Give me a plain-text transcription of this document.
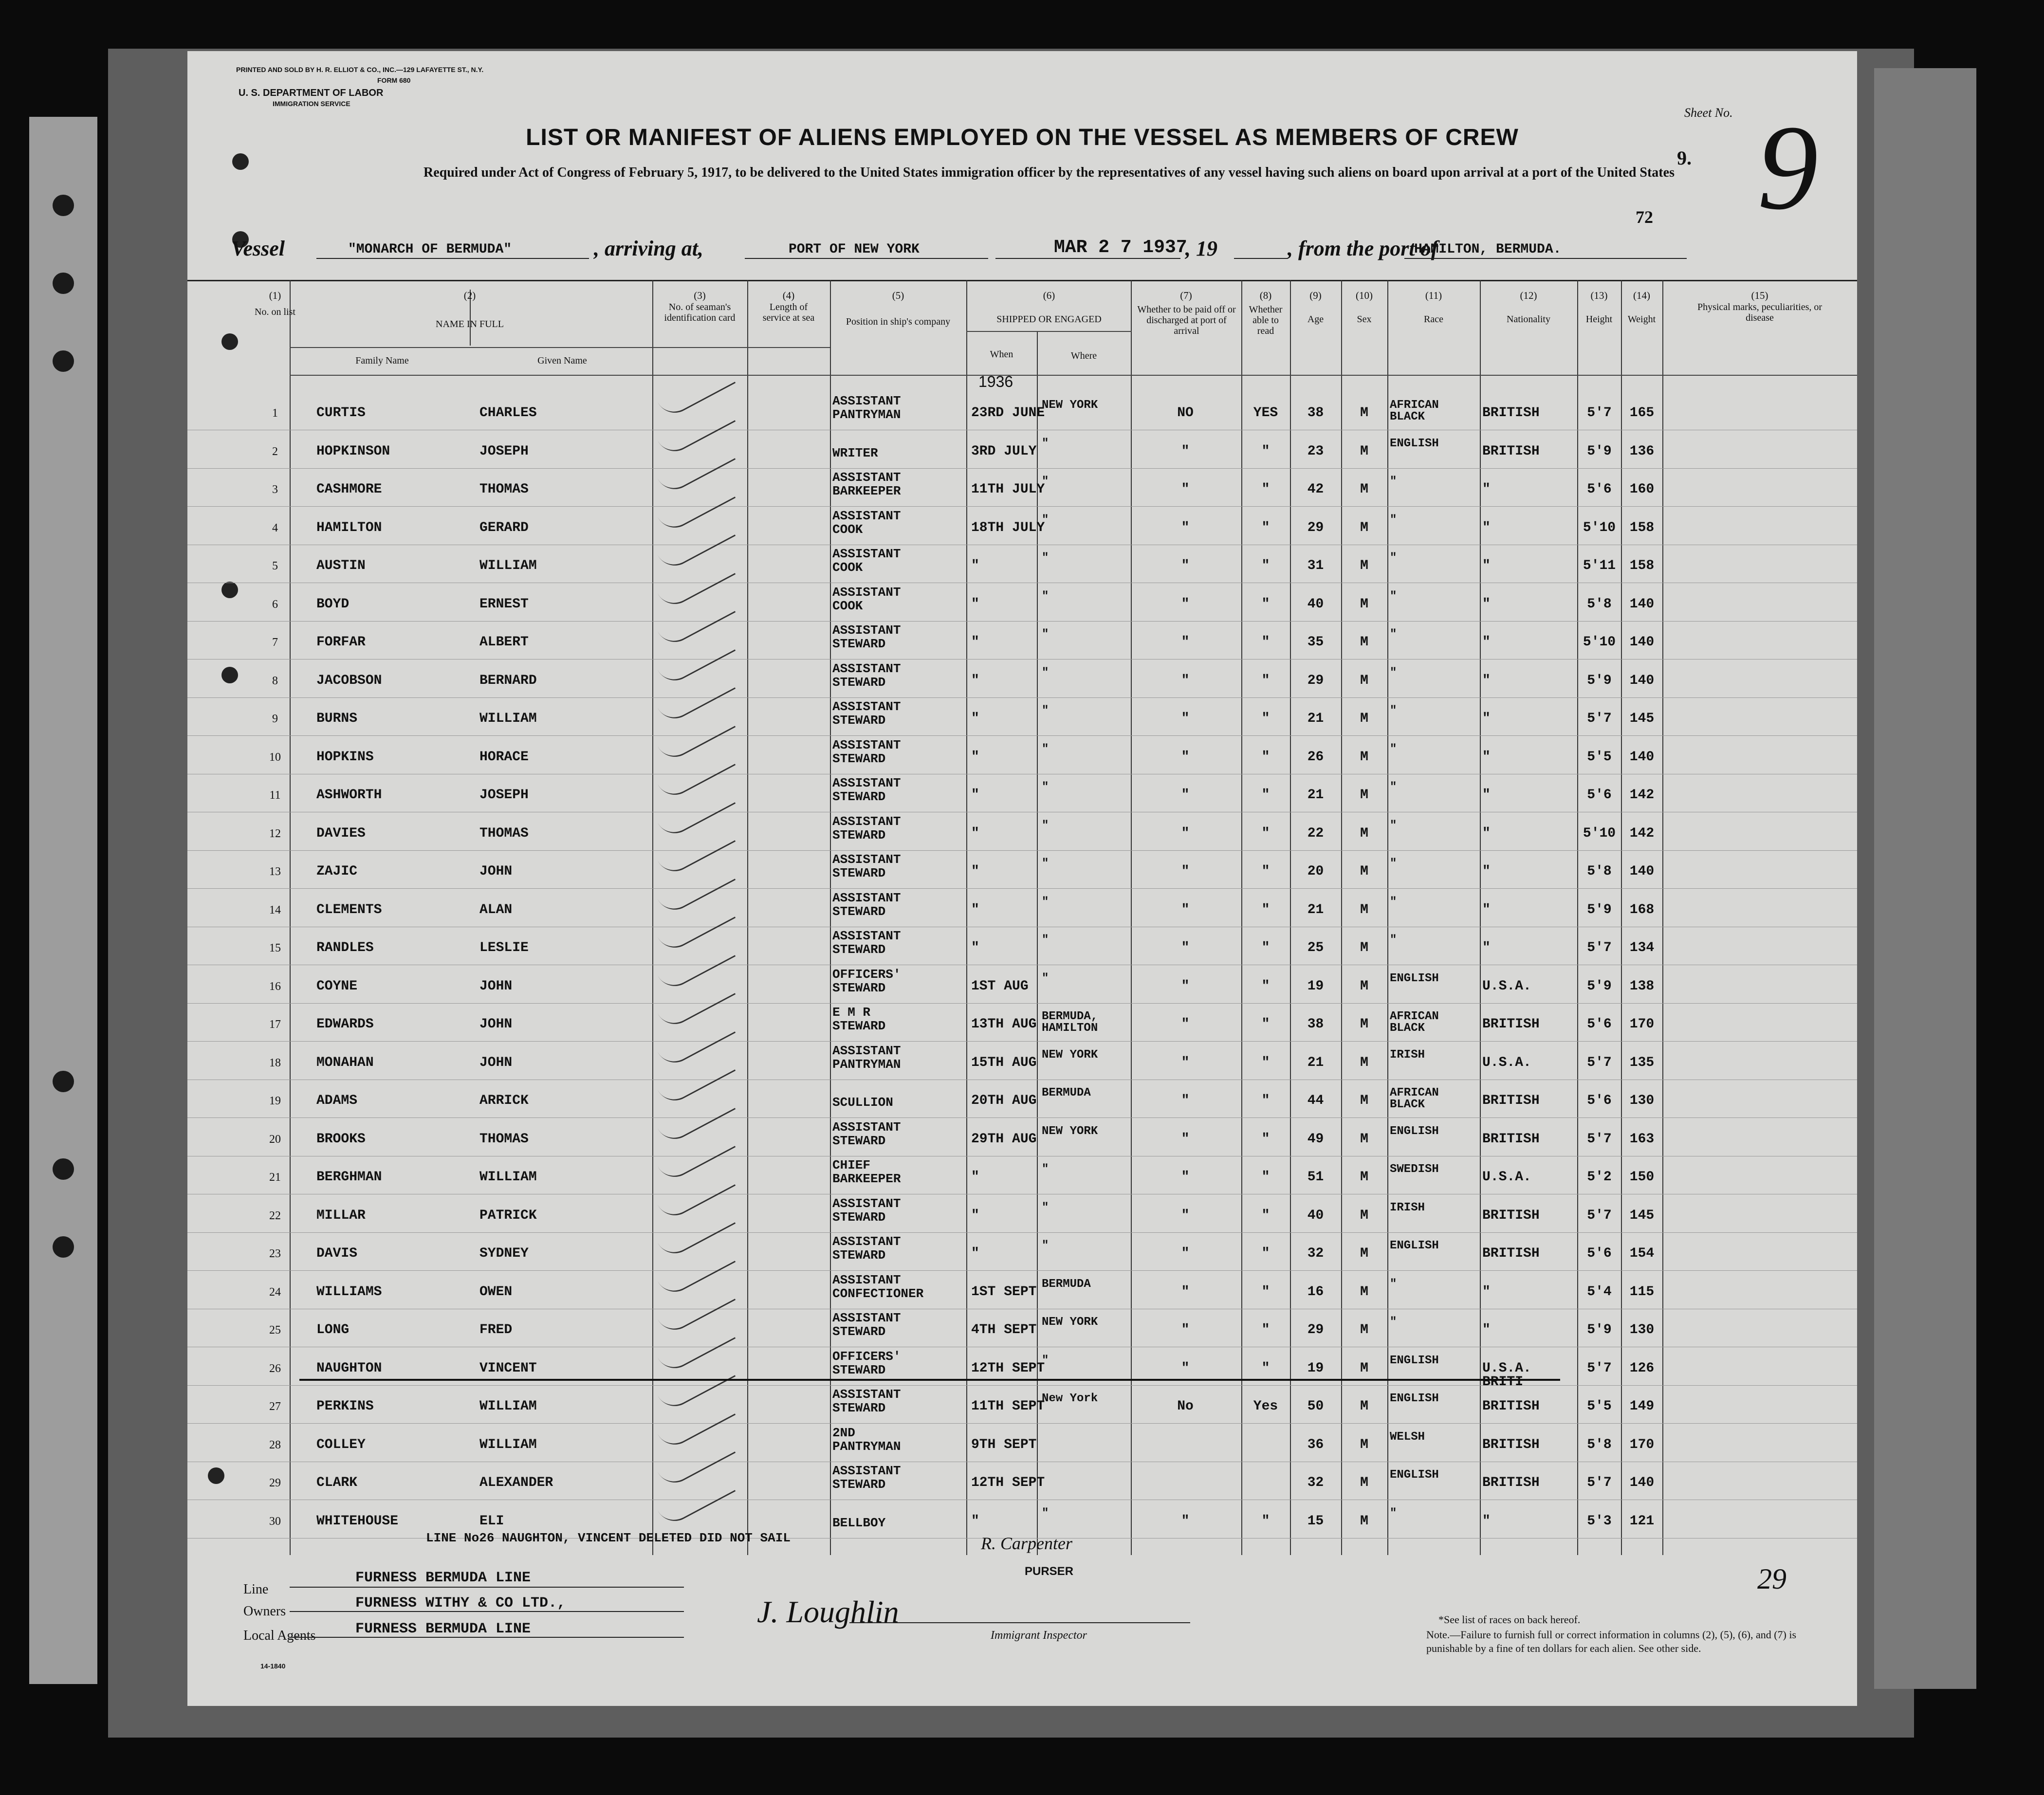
PRINTED AND SOLD BY H. R. ELLIOT & CO., INC.—129 LAFAYETTE ST., N.Y.
FORM 680
U. S. DEPARTMENT OF LABOR
IMMIGRATION SERVICE
LIST OR MANIFEST OF ALIENS EMPLOYED ON THE VESSEL AS MEMBERS OF CREW
Required under Act of Congress of February 5, 1917, to be delivered to the United States immigration officer by the representatives of any vessel having such aliens on board upon arrival at a port of the United States
Sheet No.
9. 9
72
Vessel	"MONARCH OF BERMUDA"	, arriving at,	PORT OF NEW YORK	MAR 2 7 1937
, 19	, from the port of
HAMILTON, BERMUDA.
(1)
No. on list
(2)
NAME IN FULL
Family Name	Given Name
(3)
No. of seaman's identification card
(4)
Length of service at sea
(5)
Position in ship's company
(6)
SHIPPED OR ENGAGED
When	Where
(7)
Whether to be paid off or discharged at port of arrival
(8)
Whether able to read
(9)
Age
(10)
Sex
(11)
Race
(12)
Nationality
(13)
Height
(14)
Weight
(15)
Physical marks, peculiarities, or disease
1936
1	CURTIS	CHARLES	23RD JUNE
NEW YORK
NO	YES	38	M
AFRICAN BLACK	BRITISH	5'7	165
ASSISTANT
PANTRYMAN
2	HOPKINSON	JOSEPH	3RD JULY
"
"	"	23	M
ENGLISH
BRITISH	5'9	136
WRITER
3	CASHMORE	THOMAS	11TH JULY
"
"	"	42	M
"
"	5'6	160
ASSISTANT
BARKEEPER
4	HAMILTON	GERARD	18TH JULY
"
"	"	29	M
"
"	5'10	158
ASSISTANT
COOK
5	AUSTIN	WILLIAM	"
"
"	"	31	M
"
"	5'11	158
ASSISTANT
COOK
6	BOYD	ERNEST	"
"
"	"	40	M
"
"	5'8	140
ASSISTANT
COOK
7	FORFAR	ALBERT	"
"
"	"	35	M
"
"	5'10	140
ASSISTANT
STEWARD
8	JACOBSON	BERNARD	"
"
"	"	29	M
"
"	5'9	140
ASSISTANT
STEWARD
9	BURNS	WILLIAM	"
"
"	"	21	M
"
"	5'7	145
ASSISTANT
STEWARD
10	HOPKINS	HORACE	"
"
"	"	26	M
"
"	5'5	140
ASSISTANT
STEWARD
11	ASHWORTH	JOSEPH	"
"
"	"	21	M
"
"	5'6	142
ASSISTANT
STEWARD
12	DAVIES	THOMAS	"
"
"	"	22	M
"
"	5'10	142
ASSISTANT
STEWARD
13	ZAJIC	JOHN	"
"
"	"	20	M
"
"	5'8	140
ASSISTANT
STEWARD
14	CLEMENTS	ALAN	"
"
"	"	21	M
"
"	5'9	168
ASSISTANT
STEWARD
15	RANDLES	LESLIE	"
"
"	"	25	M
"
"	5'7	134
ASSISTANT
STEWARD
16	COYNE	JOHN	1ST AUG
"
"	"	19	M
ENGLISH
U.S.A.	5'9	138
OFFICERS'
STEWARD
17	EDWARDS	JOHN	13TH AUG
BERMUDA, HAMILTON	"	"	38	M
AFRICAN BLACK	BRITISH	5'6	170
E M R
STEWARD
18	MONAHAN	JOHN	15TH AUG
NEW YORK
"	"	21	M
IRISH
U.S.A.	5'7	135
ASSISTANT
PANTRYMAN
19	ADAMS	ARRICK	20TH AUG
BERMUDA
"	"	44	M
AFRICAN BLACK	BRITISH	5'6	130
SCULLION
20	BROOKS	THOMAS	29TH AUG
NEW YORK
"	"	49	M
ENGLISH
BRITISH	5'7	163
ASSISTANT
STEWARD
21	BERGHMAN	WILLIAM	"
"
"	"	51	M
SWEDISH
U.S.A.	5'2	150
CHIEF
BARKEEPER
22	MILLAR	PATRICK	"
"
"	"	40	M
IRISH
BRITISH	5'7	145
ASSISTANT
STEWARD
23	DAVIS	SYDNEY	"
"
"	"	32	M
ENGLISH
BRITISH	5'6	154
ASSISTANT
STEWARD
24	WILLIAMS	OWEN	1ST SEPT
BERMUDA
"	"	16	M
"
"	5'4	115
ASSISTANT
CONFECTIONER
25	LONG	FRED	4TH SEPT
NEW YORK
"	"	29	M
"
"	5'9	130
ASSISTANT
STEWARD
26	NAUGHTON	VINCENT	12TH SEPT
"
"	"	19	M
ENGLISH
U.S.A. BRITI
5'7	126
OFFICERS'
STEWARD
27	PERKINS	WILLIAM	11TH SEPT
New York
No	Yes	50	M
ENGLISH
BRITISH	5'5	149
ASSISTANT
STEWARD
28	COLLEY	WILLIAM	9TH SEPT	36	M
WELSH
BRITISH	5'8	170
2ND
PANTRYMAN
29	CLARK	ALEXANDER	12TH SEPT	32	M
ENGLISH
BRITISH	5'7	140
ASSISTANT
STEWARD
30	WHITEHOUSE	ELI	"
"
"	"	15	M
"
"	5'3	121
BELLBOY
LINE No26 NAUGHTON, VINCENT DELETED DID NOT SAIL	R. Carpenter
PURSER
Line
FURNESS BERMUDA LINE
Owners	FURNESS WITHY & CO LTD.,
Local Agents	FURNESS BERMUDA LINE
14-1840
J. Loughlin
Immigrant Inspector
*See list of races on back hereof.
Note.—Failure to furnish full or correct information in columns (2), (5), (6), and (7) is punishable by a fine of ten dollars for each alien. See other side.
29
